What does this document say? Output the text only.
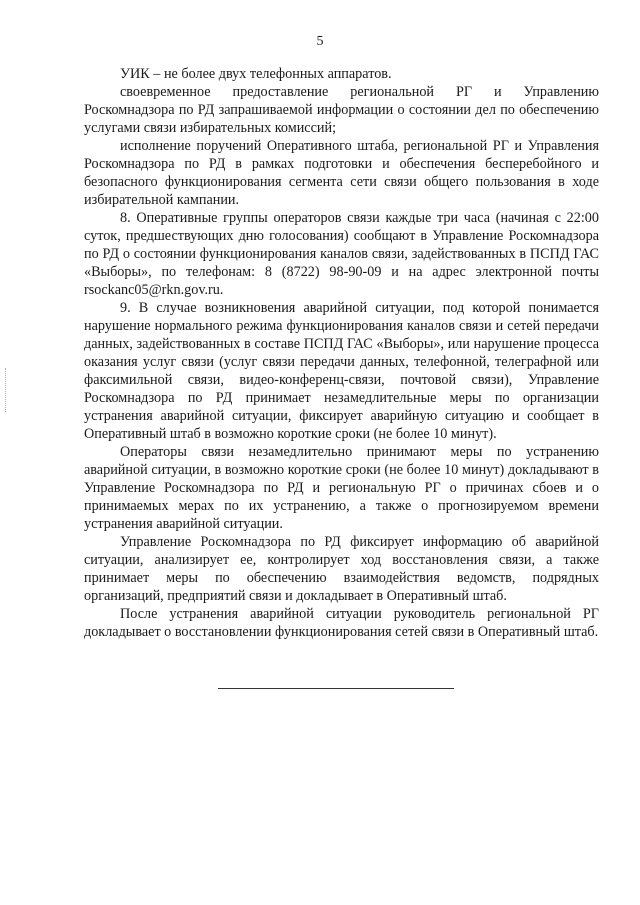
5

УИК – не более двух телефонных аппаратов.

своевременное предоставление региональной РГ и Управлению Роскомнадзора по РД запрашиваемой информации о состоянии дел по обеспечению услугами связи избирательных комиссий;

исполнение поручений Оперативного штаба, региональной РГ и Управления Роскомнадзора по РД в рамках подготовки и обеспечения бесперебойного и безопасного функционирования сегмента сети связи общего пользования в ходе избирательной кампании.

8. Оперативные группы операторов связи каждые три часа (начиная с 22:00 суток, предшествующих дню голосования) сообщают в Управление Роскомнадзора по РД о состоянии функционирования каналов связи, задействованных в ПСПД ГАС «Выборы», по телефонам: 8 (8722) 98-90-09 и на адрес электронной почты rsockanc05@rkn.gov.ru.

9. В случае возникновения аварийной ситуации, под которой понимается нарушение нормального режима функционирования каналов связи и сетей передачи данных, задействованных в составе ПСПД ГАС «Выборы», или нарушение процесса оказания услуг связи (услуг связи передачи данных, телефонной, телеграфной или факсимильной связи, видео-конференц-связи, почтовой связи), Управление Роскомнадзора по РД принимает незамедлительные меры по организации устранения аварийной ситуации, фиксирует аварийную ситуацию и сообщает в Оперативный штаб в возможно короткие сроки (не более 10 минут).

Операторы связи незамедлительно принимают меры по устранению аварийной ситуации, в возможно короткие сроки (не более 10 минут) докладывают в Управление Роскомнадзора по РД и региональную РГ о причинах сбоев и о принимаемых мерах по их устранению, а также о прогнозируемом времени устранения аварийной ситуации.

Управление Роскомнадзора по РД фиксирует информацию об аварийной ситуации, анализирует ее, контролирует ход восстановления связи, а также принимает меры по обеспечению взаимодействия ведомств, подрядных организаций, предприятий связи и докладывает в Оперативный штаб.

После устранения аварийной ситуации руководитель региональной РГ докладывает о восстановлении функционирования сетей связи в Оперативный штаб.
